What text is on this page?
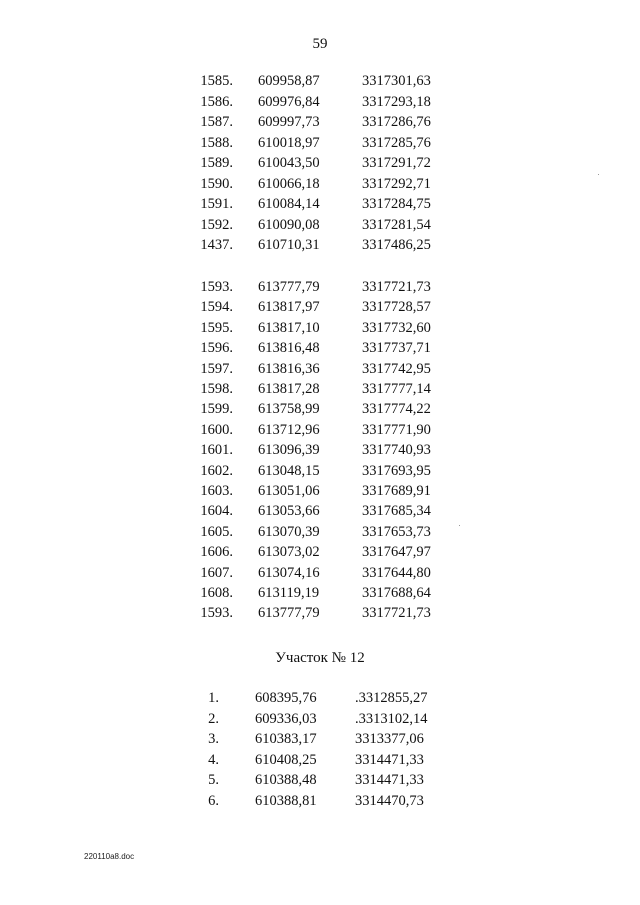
59
1585. 609958,87	3317301,63
1586. 609976,84	3317293,18
1587. 609997,73	3317286,76
1588. 610018,97	3317285,76
1589. 610043,50	3317291,72
1590. 610066,18	3317292,71
1591. 610084,14	3317284,75
1592. 610090,08	3317281,54
1437. 610710,31	3317486,25
1593. 613777,79	3317721,73
1594. 613817,97	3317728,57
1595. 613817,10	3317732,60
1596. 613816,48	3317737,71
1597. 613816,36	3317742,95
1598. 613817,28	3317777,14
1599. 613758,99	3317774,22
1600. 613712,96	3317771,90
1601. 613096,39	3317740,93
1602. 613048,15	3317693,95
1603. 613051,06	3317689,91
1604. 613053,66	3317685,34
1605. 613070,39	3317653,73
1606. 613073,02	3317647,97
1607. 613074,16	3317644,80
1608. 613119,19	3317688,64
1593. 613777,79	3317721,73
Участок № 12
1. 608395,76	.3312855,27
2. 609336,03	.3313102,14
3. 610383,17	3313377,06
4. 610408,25	3314471,33
5. 610388,48	3314471,33
6. 610388,81	3314470,73
220110a8.doc
